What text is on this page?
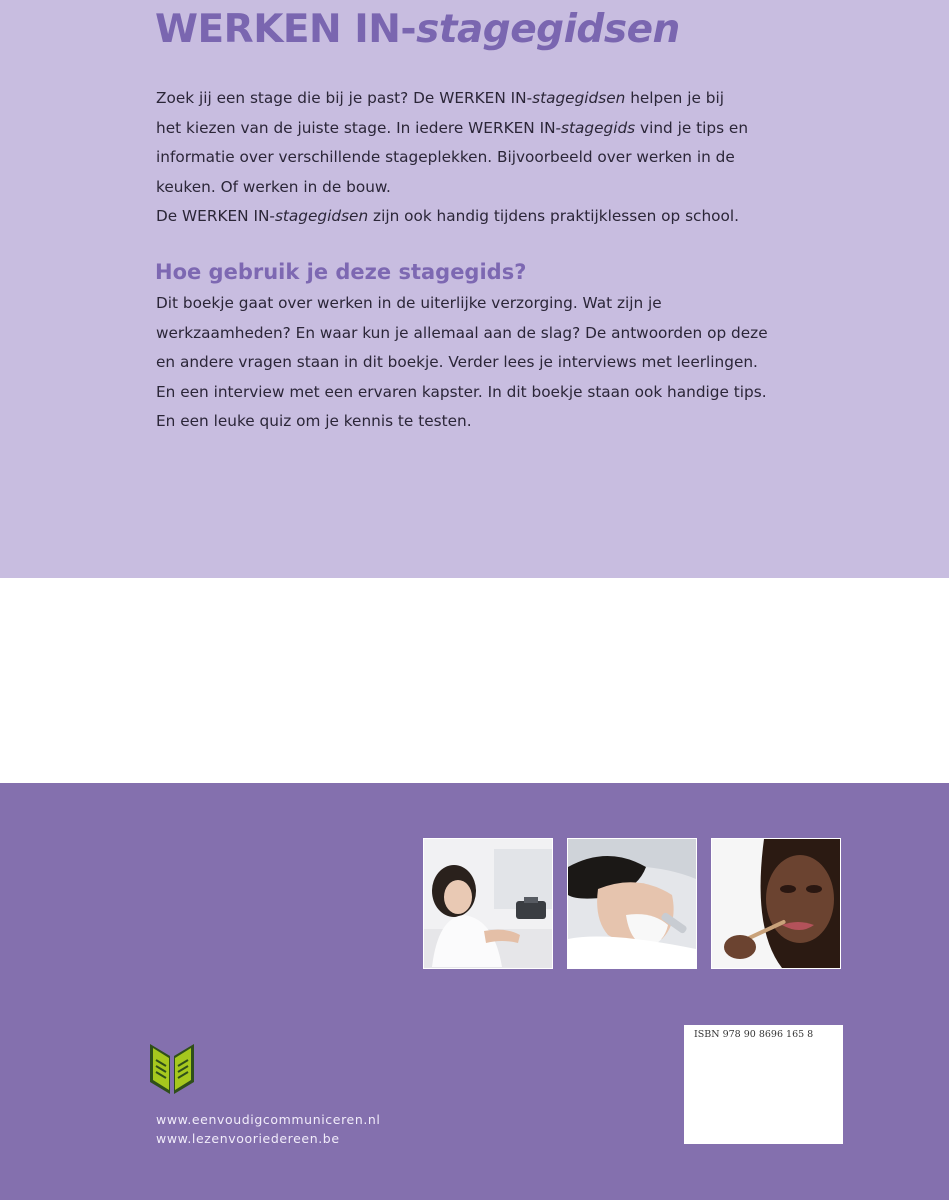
WERKEN IN-stagegidsen
Zoek jij een stage die bij je past? De WERKEN IN-stagegidsen helpen je bij
het kiezen van de juiste stage. In iedere WERKEN IN-stagegids vind je tips en
informatie over verschillende stageplekken. Bijvoorbeeld over werken in de
keuken. Of werken in de bouw.
De WERKEN IN-stagegidsen zijn ook handig tijdens praktijklessen op school.
Hoe gebruik je deze stagegids?
Dit boekje gaat over werken in de uiterlijke verzorging. Wat zijn je
werkzaamheden? En waar kun je allemaal aan de slag? De antwoorden op deze
en andere vragen staan in dit boekje. Verder lees je interviews met leerlingen.
En een interview met een ervaren kapster. In dit boekje staan ook handige tips.
En een leuke quiz om je kennis te testen.

www.eenvoudigcommuniceren.nl

www.lezenvooriedereen.be

ISBN 978 90 8696 165 8
